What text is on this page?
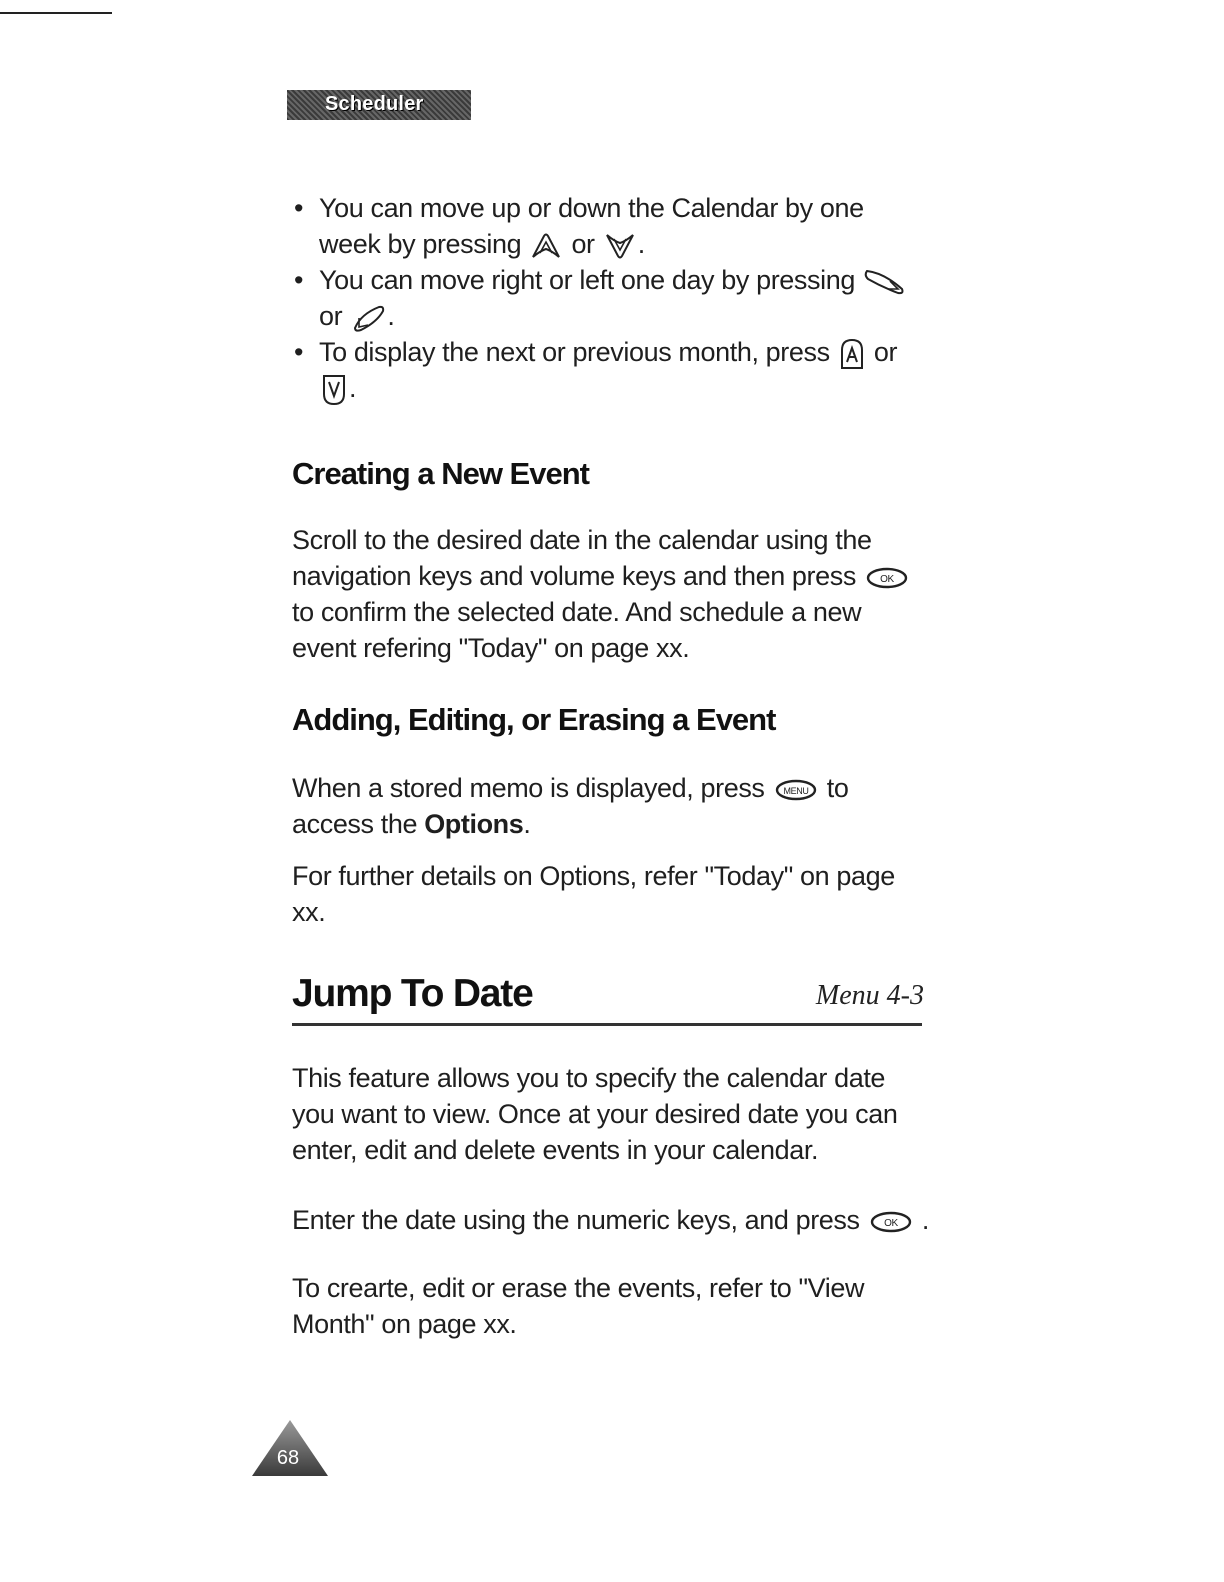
Scheduler
• You can move up or down the Calendar by one week by pressing or .
• You can move right or left one day by pressing
or .
• To display the next or previous month, press or
.
Creating a New Event

Scroll to the desired date in the calendar using the navigation keys and volume keys and then press OK
to confirm the selected date. And schedule a new event refering "Today" on page xx.

Adding, Editing, or Erasing a Event

When a stored memo is displayed, press MENU to access the Options.

For further details on Options, refer "Today" on page xx.

Jump To Date	Menu 4-3
This feature allows you to specify the calendar date you want to view. Once at your desired date you can enter, edit and delete events in your calendar.
Enter the date using the numeric keys, and press OK .
To crearte, edit or erase the events, refer to "View Month" on page xx.
68
